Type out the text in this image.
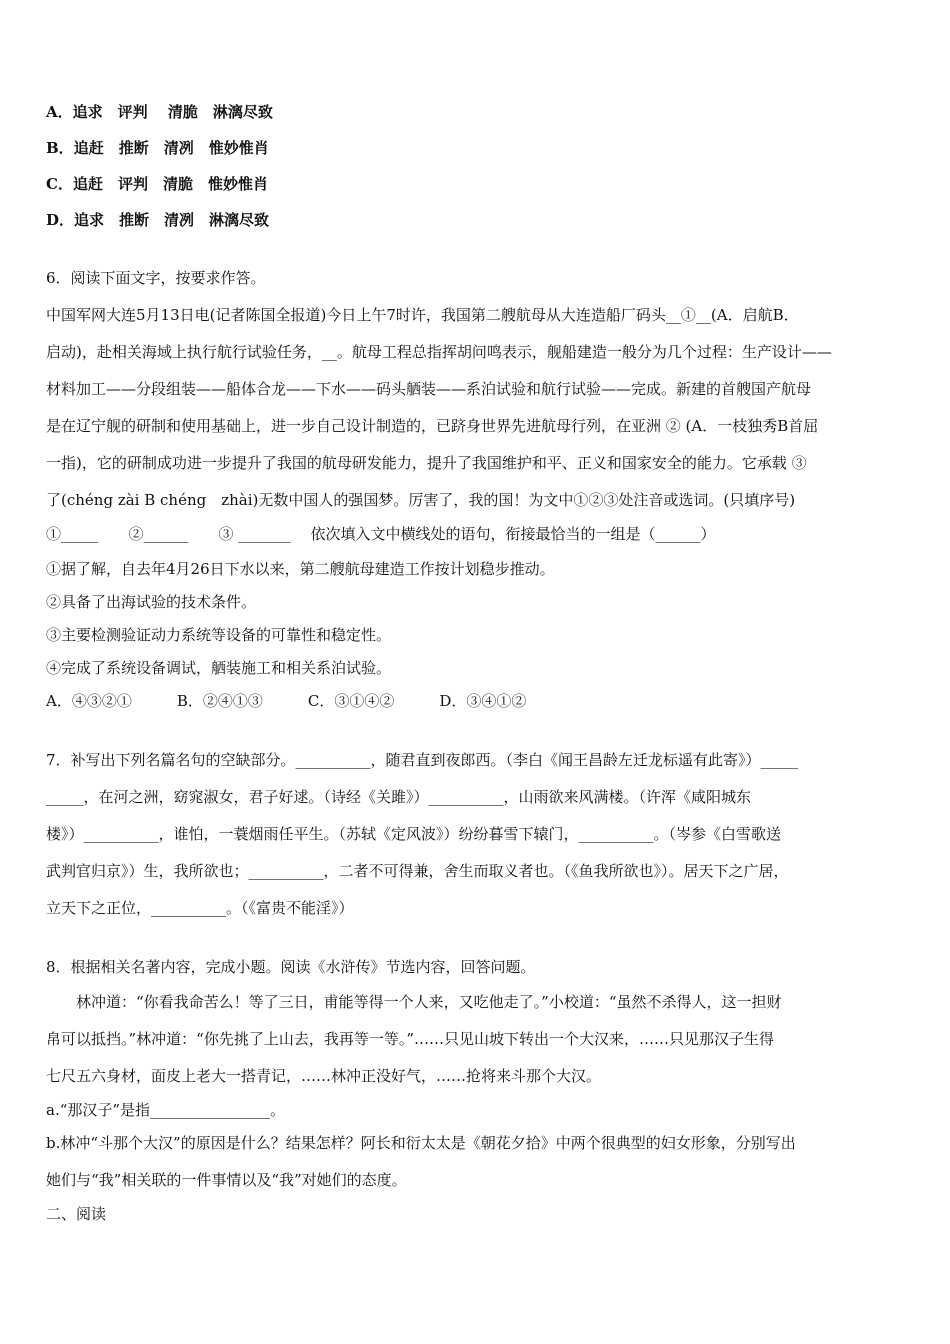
A．追求　评判　 清脆　淋漓尽致
B．追赶　推断　清冽　惟妙惟肖
C．追赶　评判　清脆　惟妙惟肖
D．追求　推断　清冽　淋漓尽致
6．阅读下面文字，按要求作答。
中国军网大连5月13日电(记者陈国全报道)今日上午7时许，我国第二艘航母从大连造船厂码头__①__(A．启航B．
启动)，赴相关海域上执行航行试验任务，__。航母工程总指挥胡问鸣表示，舰船建造一般分为几个过程：生产设计——
材料加工——分段组装——船体合龙——下水——码头舾装——系泊试验和航行试验——完成。新建的首艘国产航母
是在辽宁舰的研制和使用基础上，进一步自己设计制造的，已跻身世界先进航母行列，在亚洲 ② (A．一枝独秀B首屈
一指)，它的研制成功进一步提升了我国的航母研发能力，提升了我国维护和平、正义和国家安全的能力。它承载 ③
了(chéng zài B chéng　zhài)无数中国人的强国梦。厉害了，我的国！为文中①②③处注音或选词。(只填序号)
①_____　　②______　　③ _______　 依次填入文中横线处的语句，衔接最恰当的一组是（______）
①据了解，自去年4月26日下水以来，第二艘航母建造工作按计划稳步推动。
②具备了出海试验的技术条件。
③主要检测验证动力系统等设备的可靠性和稳定性。
④完成了系统设备调试，舾装施工和相关系泊试验。
A．④③②①　　　B．②④①③　　　C．③①④②　　　D．③④①②
7．补写出下列名篇名句的空缺部分。__________，随君直到夜郎西。（李白《闻王昌龄左迁龙标遥有此寄》）_____
_____，在河之洲，窈窕淑女，君子好逑。（诗经《关雎》）__________，山雨欲来风满楼。（许浑《咸阳城东
楼》）__________，谁怕，一蓑烟雨任平生。（苏轼《定风波》）纷纷暮雪下辕门，__________。（岑参《白雪歌送
武判官归京》）生，我所欲也；__________，二者不可得兼，舍生而取义者也。（《鱼我所欲也》）。居天下之广居，
立天下之正位，__________。（《富贵不能淫》）
8．根据相关名著内容，完成小题。阅读《水浒传》节选内容，回答问题。
　　林冲道：“你看我命苦么！等了三日，甫能等得一个人来，又吃他走了。”小校道：“虽然不杀得人，这一担财
帛可以抵挡。”林冲道：“你先挑了上山去，我再等一等。”……只见山坡下转出一个大汉来，……只见那汉子生得
七尺五六身材，面皮上老大一搭青记，……林冲正没好气，……抢将来斗那个大汉。
a.“那汉子”是指________________。
b.林冲“斗那个大汉”的原因是什么？结果怎样？阿长和衍太太是《朝花夕拾》中两个很典型的妇女形象，分别写出
她们与“我”相关联的一件事情以及“我”对她们的态度。
二、阅读
